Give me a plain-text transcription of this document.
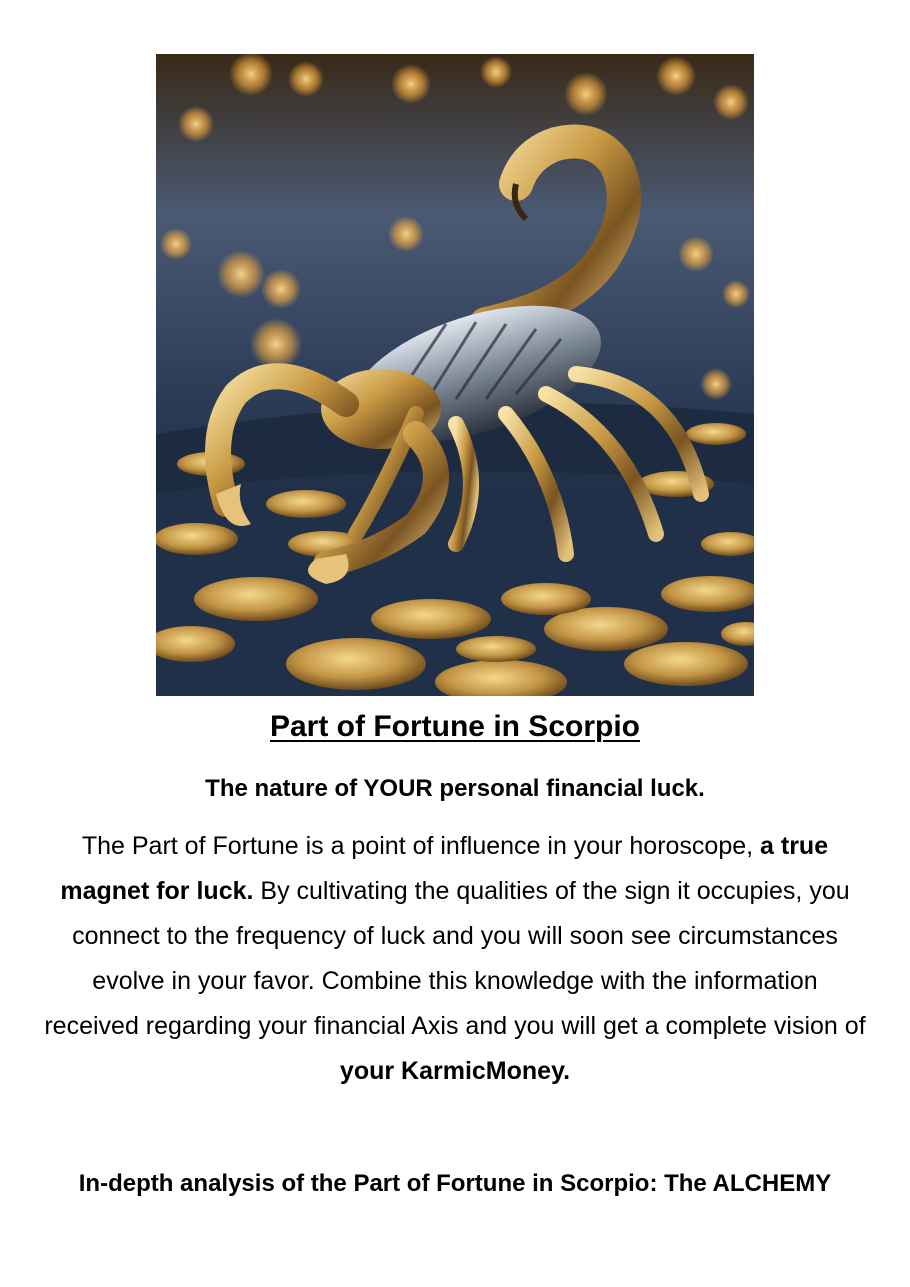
Part of Fortune in Scorpio
The nature of YOUR personal financial luck.

The Part of Fortune is a point of influence in your horoscope, a true magnet for luck. By cultivating the qualities of the sign it occupies, you connect to the frequency of luck and you will soon see circumstances evolve in your favor. Combine this knowledge with the information received regarding your financial Axis and you will get a complete vision of your KarmicMoney.

In-depth analysis of the Part of Fortune in Scorpio: The ALCHEMY
